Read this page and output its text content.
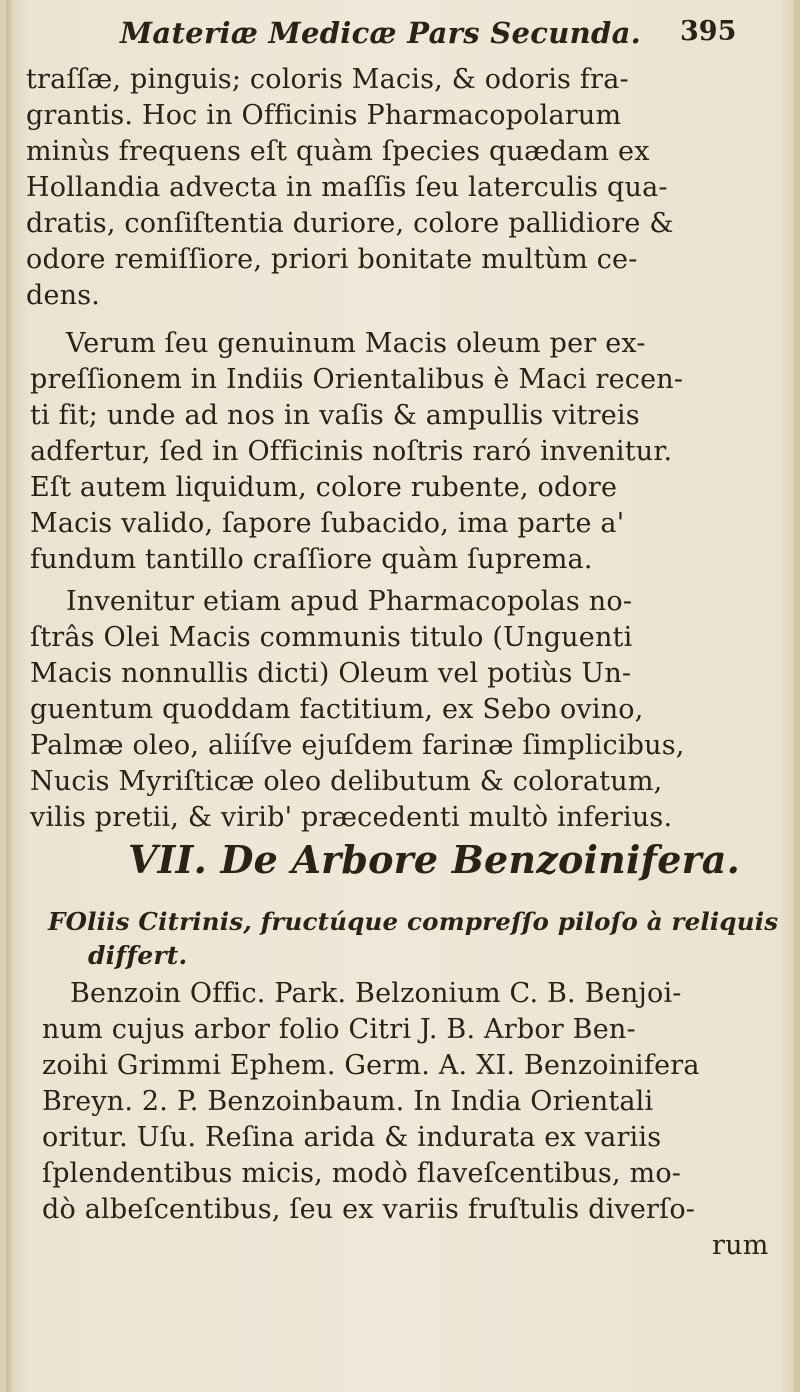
Materiæ Medicæ Pars Secunda. 395
traſſæ, pinguis; coloris Macis, & odoris fra-
grantis. Hoc in Officinis Pharmacopolarum
minùs frequens eſt quàm ſpecies quædam ex
Hollandia advecta in maſſis ſeu laterculis qua-
dratis, conſiſtentia duriore, colore pallidiore &
odore remiſſiore, priori bonitate multùm ce-
dens.
Verum ſeu genuinum Macis oleum per ex-
preſſionem in Indiis Orientalibus è Maci recen-
ti fit; unde ad nos in vaſis & ampullis vitreis
adfertur, ſed in Officinis noſtris raró invenitur.
Eſt autem liquidum, colore rubente, odore
Macis valido, ſapore ſubacido, ima parte a'
fundum tantillo craſſiore quàm ſuprema.
Invenitur etiam apud Pharmacopolas no-
ſtrâs Olei Macis communis titulo (Unguenti
Macis nonnullis dicti) Oleum vel potiùs Un-
guentum quoddam factitium, ex Sebo ovino,
Palmæ oleo, aliíſve ejuſdem farinæ ſimplicibus,
Nucis Myriſticæ oleo delibutum & coloratum,
vilis pretii, & virib' præcedenti multò inferius.
VII. De Arbore Benzoinifera.
FOliis Citrinis, fructúque compreſſo piloſo à reliquis
differt.
Benzoin Offic. Park. Belzonium C. B. Benjoi-
num cujus arbor folio Citri J. B. Arbor Ben-
zoihi Grimmi Ephem. Germ. A. XI. Benzoinifera
Breyn. 2. P. Benzoinbaum. In India Orientali
oritur. Uſu. Reſina arida & indurata ex variis
ſplendentibus micis, modò flaveſcentibus, mo-
dò albeſcentibus, ſeu ex variis fruſtulis diverſo-
rum
